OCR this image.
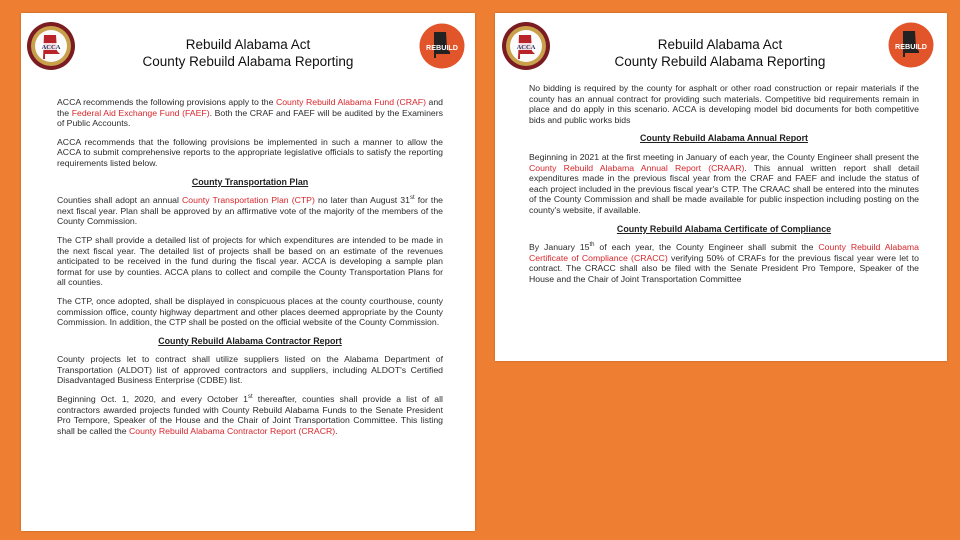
ACCA	REBUILD
Rebuild Alabama Act
County Rebuild Alabama Reporting

ACCA recommends the following provisions apply to the County Rebuild Alabama Fund (CRAF) and the Federal Aid Exchange Fund (FAEF). Both the CRAF and FAEF will be audited by the Examiners of Public Accounts.

ACCA recommends that the following provisions be implemented in such a manner to allow the ACCA to submit comprehensive reports to the appropriate legislative officials to satisfy the reporting requirements listed below.

County Transportation Plan

Counties shall adopt an annual County Transportation Plan (CTP) no later than August 31st for the next fiscal year. Plan shall be approved by an affirmative vote of the majority of the members of the County Commission.

The CTP shall provide a detailed list of projects for which expenditures are intended to be made in the next fiscal year. The detailed list of projects shall be based on an estimate of the revenues anticipated to be received in the fund during the fiscal year. ACCA is developing a sample plan format for use by counties. ACCA plans to collect and compile the County Transportation Plans for all counties.

The CTP, once adopted, shall be displayed in conspicuous places at the county courthouse, county commission office, county highway department and other places deemed appropriate by the County Commission. In addition, the CTP shall be posted on the official website of the County Commission.

County Rebuild Alabama Contractor Report

County projects let to contract shall utilize suppliers listed on the Alabama Department of Transportation (ALDOT) list of approved contractors and suppliers, including ALDOT's Certified Disadvantaged Business Enterprise (CDBE) list.

Beginning Oct. 1, 2020, and every October 1st thereafter, counties shall provide a list of all contractors awarded projects funded with County Rebuild Alabama Funds to the Senate President Pro Tempore, Speaker of the House and the Chair of Joint Transportation Committee. This listing shall be called the County Rebuild Alabama Contractor Report (CRACR).

ACCA	REBUILD
Rebuild Alabama Act
County Rebuild Alabama Reporting

No bidding is required by the county for asphalt or other road construction or repair materials if the county has an annual contract for providing such materials. Competitive bid requirements remain in place and do apply in this scenario. ACCA is developing model bid documents for both competitive bids and public works bids

County Rebuild Alabama Annual Report

Beginning in 2021 at the first meeting in January of each year, the County Engineer shall present the County Rebuild Alabama Annual Report (CRAAR). This annual written report shall detail expenditures made in the previous fiscal year from the CRAF and FAEF and include the status of each project included in the previous fiscal year's CTP. The CRAAC shall be entered into the minutes of the County Commission and shall be made available for public inspection including posting on the county's website, if available.

County Rebuild Alabama Certificate of Compliance

By January 15th of each year, the County Engineer shall submit the County Rebuild Alabama Certificate of Compliance (CRACC) verifying 50% of CRAFs for the previous fiscal year were let to contract. The CRACC shall also be filed with the Senate President Pro Tempore, Speaker of the House and the Chair of Joint Transportation Committee
